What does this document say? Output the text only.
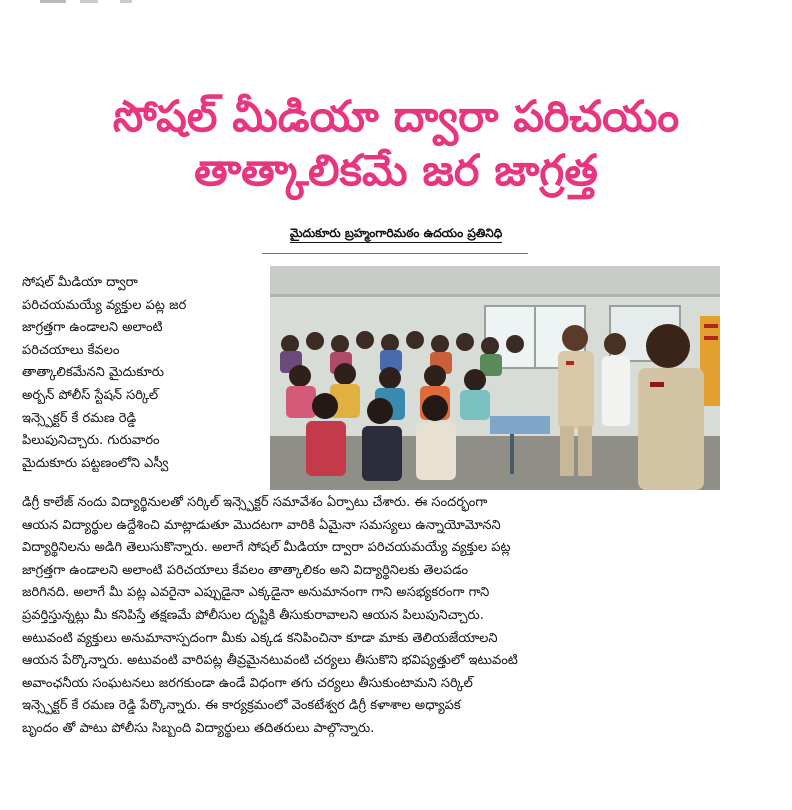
సోషల్ మీడియా ద్వారా పరిచయం
తాత్కాలికమే జర జాగ్రత్త
మైదుకూరు బ్రహ్మంగారిమఠం ఉదయం ప్రతినిధి
సోషల్ మీడియా ద్వారా
పరిచయమయ్యే వ్యక్తుల పట్ల జర
జాగ్రత్తగా ఉండాలని అలాంటి
పరిచయాలు కేవలం
తాత్కాలికమేనని మైదుకూరు
అర్బన్ పోలీస్ స్టేషన్ సర్కిల్
ఇన్స్పెక్టర్ కే రమణ రెడ్డి
పిలుపునిచ్చారు. గురువారం
మైదుకూరు పట్టణంలోని ఎస్వీ
డిగ్రీ కాలేజ్ నందు విద్యార్థినులతో సర్కిల్ ఇన్స్పెక్టర్ సమావేశం ఏర్పాటు చేశారు. ఈ సందర్భంగా
ఆయన విద్యార్థుల ఉద్దేశించి మాట్లాడుతూ మొదటగా వారికి ఏమైనా సమస్యలు ఉన్నాయోమోనని
విద్యార్థినిలను అడిగి తెలుసుకొన్నారు. అలాగే సోషల్ మీడియా ద్వారా పరిచయమయ్యే వ్యక్తుల పట్ల
జాగ్రత్తగా ఉండాలని అలాంటి పరిచయాలు కేవలం తాత్కాలికం అని విద్యార్థినిలకు తెలపడం
జరిగినది. అలాగే మీ పట్ల ఎవరైనా ఎప్పుడైనా ఎక్కడైనా అనుమానంగా గాని అసభ్యకరంగా గాని
ప్రవర్తిస్తున్నట్లు మీ కనిపిస్తే తక్షణమే పోలీసుల దృష్టికి తీసుకురావాలని ఆయన పిలుపునిచ్చారు.
అటువంటి వ్యక్తులు అనుమానాస్పదంగా మీకు ఎక్కడ కనిపించినా కూడా మాకు తెలియజేయాలని
ఆయన పేర్కొన్నారు. అటువంటి వారిపట్ల తీవ్రమైనటువంటి చర్యలు తీసుకొని భవిష్యత్తులో ఇటువంటి
అవాంఛనీయ సంఘటనలు జరగకుండా ఉండే విధంగా తగు చర్యలు తీసుకుంటామని సర్కిల్
ఇన్స్పెక్టర్ కే రమణ రెడ్డి పేర్కొన్నారు. ఈ కార్యక్రమంలో వెంకటేశ్వర డిగ్రీ కళాశాల అధ్యాపక
బృందం తో పాటు పోలీసు సిబ్బంది విద్యార్థులు తదితరులు పాల్గొన్నారు.
